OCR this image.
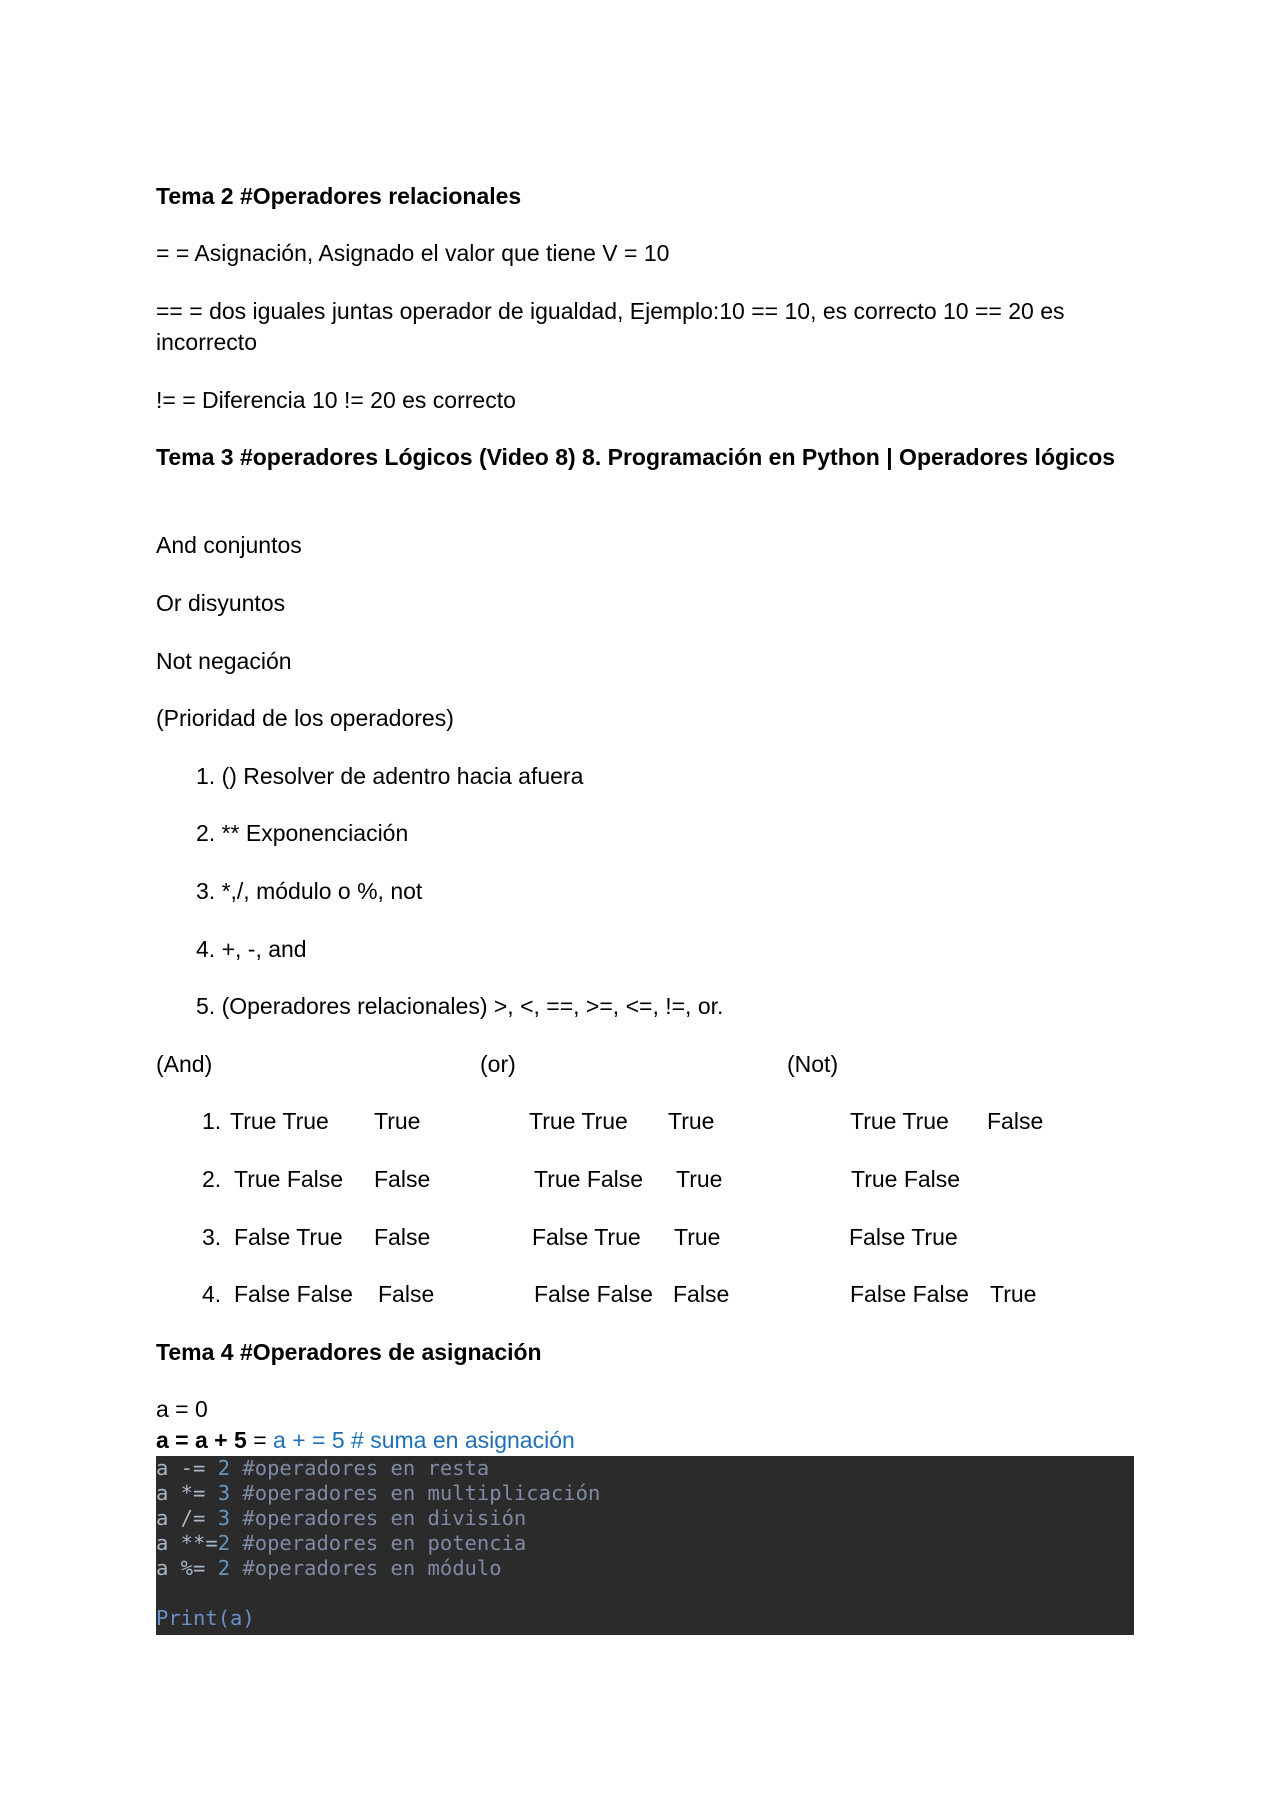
Tema 2 #Operadores relacionales
= = Asignación, Asignado el valor que tiene V = 10
== = dos iguales juntas operador de igualdad, Ejemplo:10 == 10, es correcto 10 == 20 es incorrecto
!= = Diferencia 10 != 20 es correcto
Tema 3 #operadores Lógicos (Video 8) 8. Programación en Python | Operadores lógicos
And conjuntos
Or disyuntos
Not negación
(Prioridad de los operadores)
1. () Resolver de adentro hacia afuera
2. ** Exponenciación
3. *,/, módulo o %, not
4. +, -, and
5. (Operadores relacionales) >, <, ==, >=, <=, !=, or.
(And)	(or)	(Not)
1. True True True	True True True	True True False
2. True False False	True False True	True False
3. False True False	False True True	False True
4. False False False	False False False	False False True
Tema 4 #Operadores de asignación
a = 0
a = a + 5 = a + = 5 # suma en asignación
a -= 2 #operadores en resta
a *= 3 #operadores en multiplicación
a /= 3 #operadores en división
a **=2 #operadores en potencia
a %= 2 #operadores en módulo
Print(a)
